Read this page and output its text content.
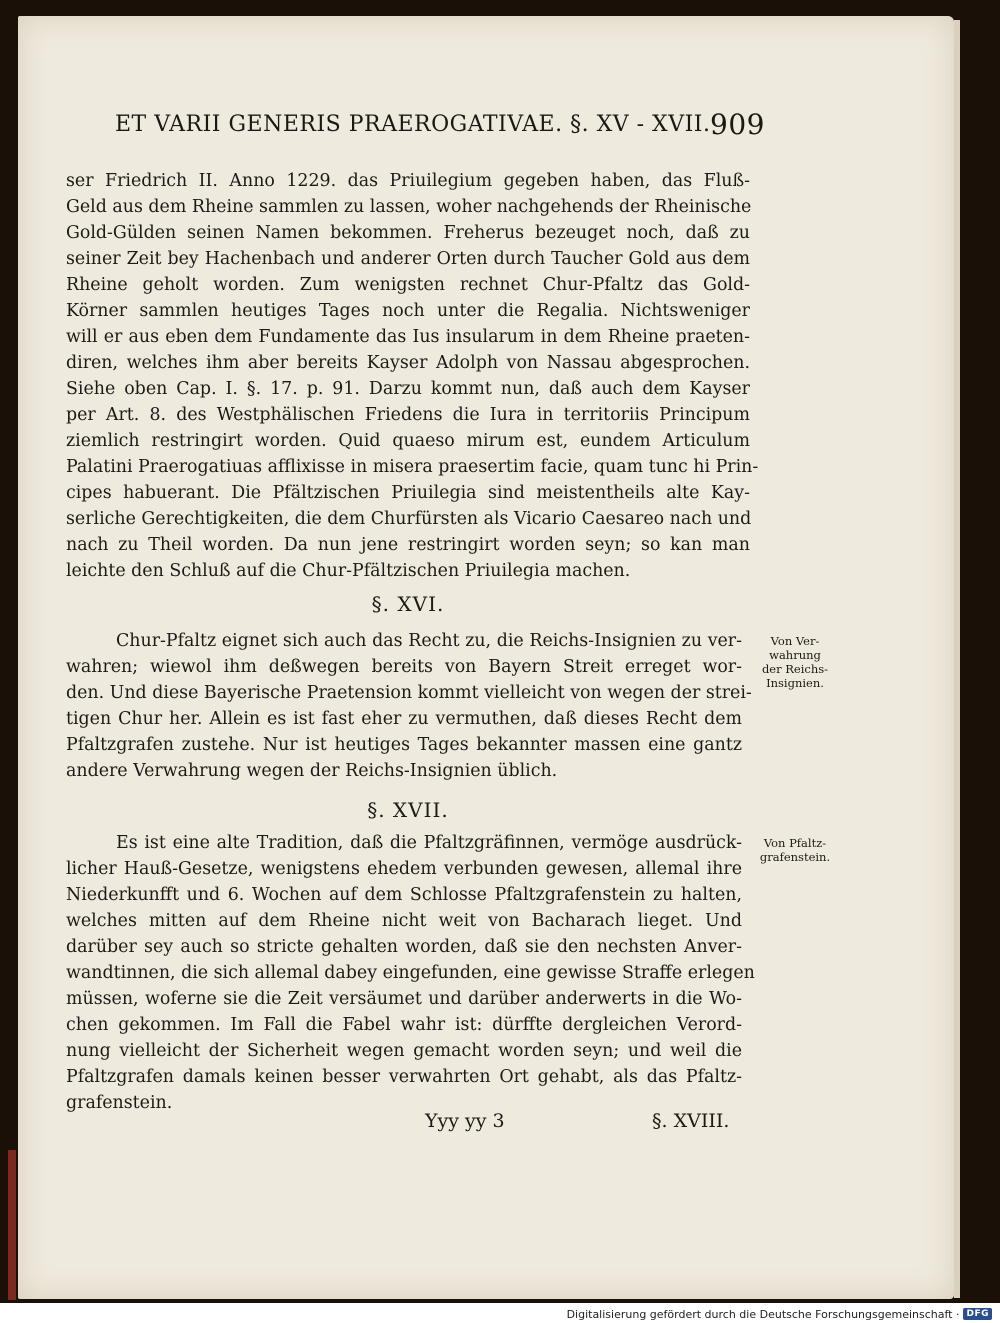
ET VARII GENERIS PRAEROGATIVAE. §. XV - XVII. 909
ser Friedrich II. Anno 1229. das Priuilegium gegeben haben, das Fluß-
Geld aus dem Rheine sammlen zu lassen, woher nachgehends der Rheinische
Gold-Gülden seinen Namen bekommen. Freherus bezeuget noch, daß zu
seiner Zeit bey Hachenbach und anderer Orten durch Taucher Gold aus dem
Rheine geholt worden. Zum wenigsten rechnet Chur-Pfaltz das Gold-
Körner sammlen heutiges Tages noch unter die Regalia. Nichtsweniger
will er aus eben dem Fundamente das Ius insularum in dem Rheine praeten-
diren, welches ihm aber bereits Kayser Adolph von Nassau abgesprochen.
Siehe oben Cap. I. §. 17. p. 91. Darzu kommt nun, daß auch dem Kayser
per Art. 8. des Westphälischen Friedens die Iura in territoriis Principum
ziemlich restringirt worden. Quid quaeso mirum est, eundem Articulum
Palatini Praerogatiuas afflixisse in misera praesertim facie, quam tunc hi Prin-
cipes habuerant. Die Pfältzischen Priuilegia sind meistentheils alte Kay-
serliche Gerechtigkeiten, die dem Churfürsten als Vicario Caesareo nach und
nach zu Theil worden. Da nun jene restringirt worden seyn; so kan man
leichte den Schluß auf die Chur-Pfältzischen Priuilegia machen.
§. XVI.
Von Ver-
wahrung
der Reichs-
Insignien.
Chur-Pfaltz eignet sich auch das Recht zu, die Reichs-Insignien zu ver-
wahren; wiewol ihm deßwegen bereits von Bayern Streit erreget wor-
den. Und diese Bayerische Praetension kommt vielleicht von wegen der strei-
tigen Chur her. Allein es ist fast eher zu vermuthen, daß dieses Recht dem
Pfaltzgrafen zustehe. Nur ist heutiges Tages bekannter massen eine gantz
andere Verwahrung wegen der Reichs-Insignien üblich.
§. XVII.
Von Pfaltz-
grafenstein.
Es ist eine alte Tradition, daß die Pfaltzgräfinnen, vermöge ausdrück-
licher Hauß-Gesetze, wenigstens ehedem verbunden gewesen, allemal ihre
Niederkunfft und 6. Wochen auf dem Schlosse Pfaltzgrafenstein zu halten,
welches mitten auf dem Rheine nicht weit von Bacharach lieget. Und
darüber sey auch so stricte gehalten worden, daß sie den nechsten Anver-
wandtinnen, die sich allemal dabey eingefunden, eine gewisse Straffe erlegen
müssen, woferne sie die Zeit versäumet und darüber anderwerts in die Wo-
chen gekommen. Im Fall die Fabel wahr ist: dürffte dergleichen Verord-
nung vielleicht der Sicherheit wegen gemacht worden seyn; und weil die
Pfaltzgrafen damals keinen besser verwahrten Ort gehabt, als das Pfaltz-
grafenstein.
Yyy yy 3	§. XVIII.
Digitalisierung gefördert durch die Deutsche Forschungsgemeinschaft · DFG
